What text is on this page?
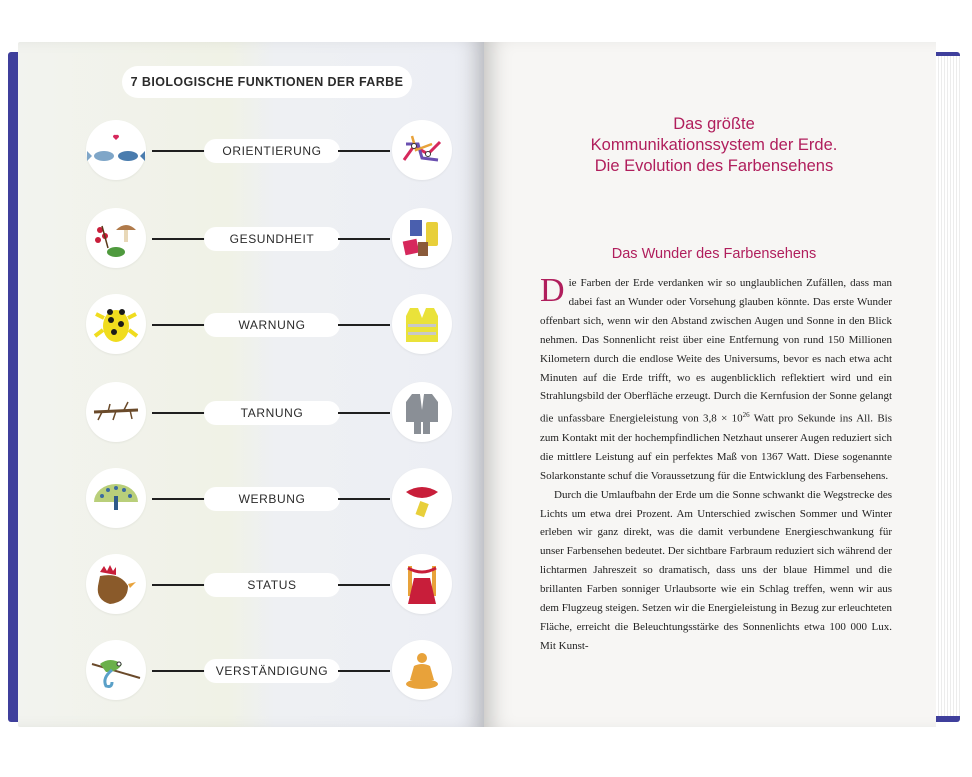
7 BIOLOGISCHE FUNKTIONEN DER FARBE
ORIENTIERUNG
GESUNDHEIT
WARNUNG
TARNUNG
WERBUNG
STATUS
VERSTÄNDIGUNG
Das größte
Kommunikationssystem der Erde.
Die Evolution des Farbensehens
Das Wunder des Farbensehens

Die Farben der Erde verdanken wir so unglaublichen Zufällen, dass man dabei fast an Wunder oder Vorsehung glauben könnte. Das erste Wunder offenbart sich, wenn wir den Abstand zwischen Augen und Sonne in den Blick nehmen. Das Sonnenlicht reist über eine Entfernung von rund 150 Millionen Kilometern durch die endlose Weite des Universums, bevor es nach etwa acht Minuten auf die Erde trifft, wo es augenblicklich reflektiert wird und ein Strahlungsbild der Oberfläche erzeugt. Durch die Kernfusion der Sonne gelangt die unfassbare Energieleistung von $3,8 \times 10^{26}$ Watt pro Sekunde ins All. Bis zum Kontakt mit der hochempfindlichen Netzhaut unserer Augen reduziert sich die mittlere Leistung auf ein perfektes Maß von 1367 Watt. Diese sogenannte Solarkonstante schuf die Voraussetzung für die Entwicklung des Farbensehens.

Durch die Umlaufbahn der Erde um die Sonne schwankt die Wegstrecke des Lichts um etwa drei Prozent. Am Unterschied zwischen Sommer und Winter erleben wir ganz direkt, was die damit verbundene Energieschwankung für unser Farbensehen bedeutet. Der sichtbare Farbraum reduziert sich während der lichtarmen Jahreszeit so dramatisch, dass uns der blaue Himmel und die brillanten Farben sonniger Urlaubsorte wie ein Schlag treffen, wenn wir aus dem Flugzeug steigen. Setzen wir die Energieleistung in Bezug zur erleuchteten Fläche, erreicht die Beleuchtungsstärke des Sonnenlichts etwa 100 000 Lux. Mit Kunst-
